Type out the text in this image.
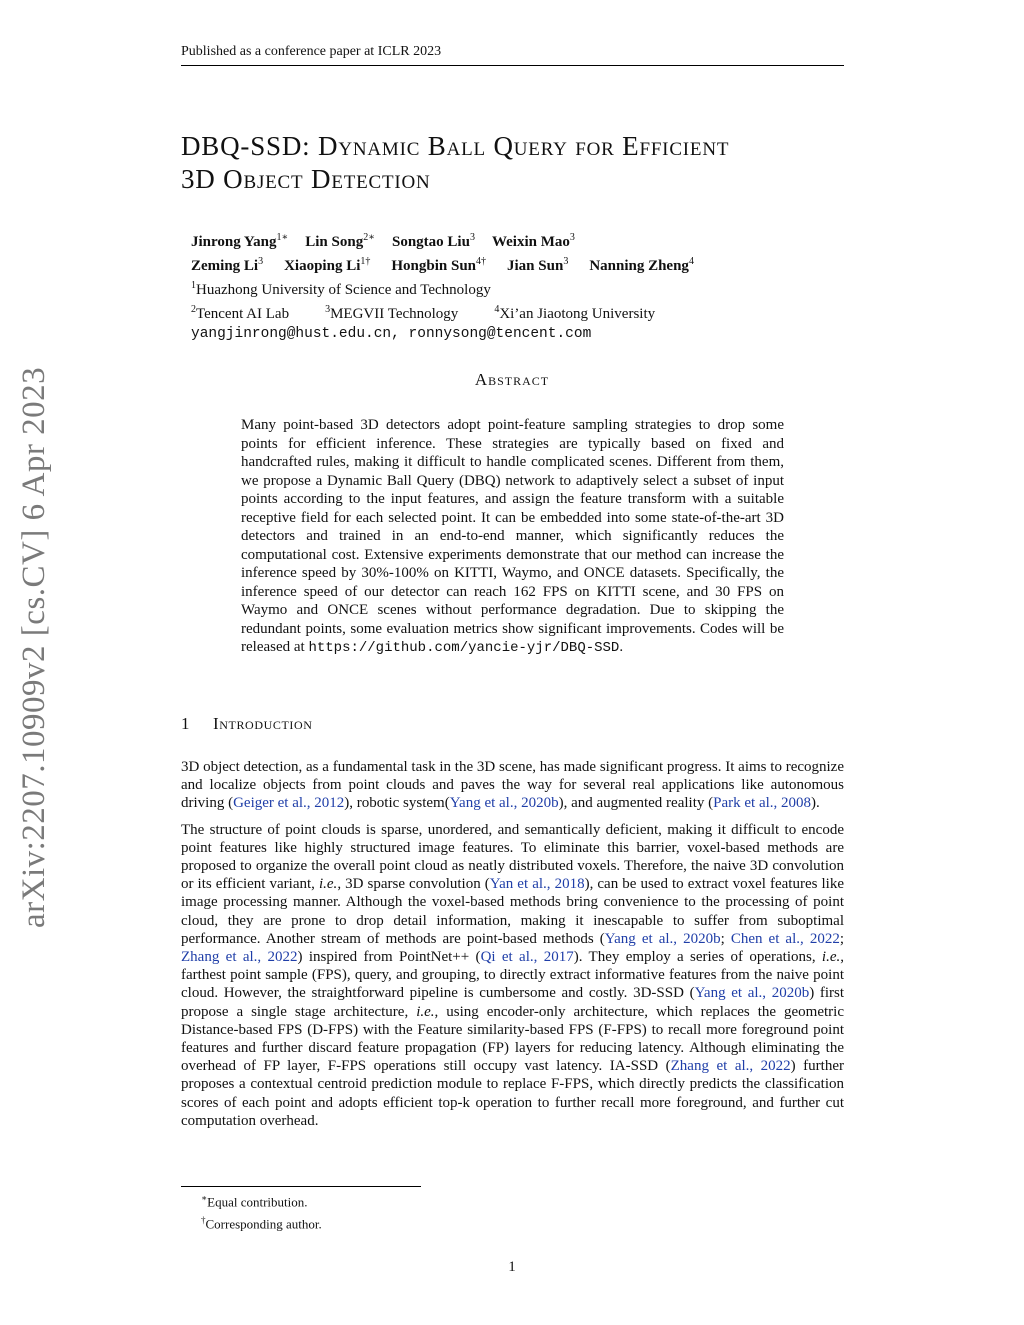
Published as a conference paper at ICLR 2023
arXiv:2207.10909v2 [cs.CV] 6 Apr 2023
DBQ-SSD: Dynamic Ball Query for Efficient
3D Object Detection
Jinrong Yang$^{1∗}$ Lin Song$^{2∗}$ Songtao Liu$^3$ Weixin Mao$^3$
Zeming Li$^3$ Xiaoping $Li^{1\dagger}$ Hongbin Sun$^{4\dagger}$ Jian Sun$^3$ Nanning Zheng$^4$
$^1$Huazhong University of Science and Technology
$^2$Tencent AI Lab	$^3$MEGVII Technology	$^4$Xi’an Jiaotong University
yangjinrong@hust.edu.cn, ronnysong@tencent.com
Abstract
Many point-based 3D detectors adopt point-feature sampling strategies to drop some points for efficient inference. These strategies are typically based on fixed and handcrafted rules, making it difficult to handle complicated scenes. Different from them, we propose a Dynamic Ball Query (DBQ) network to adaptively select a subset of input points according to the input features, and assign the feature transform with a suitable receptive field for each selected point. It can be embedded into some state-of-the-art 3D detectors and trained in an end-to-end manner, which significantly reduces the computational cost. Extensive experiments demonstrate that our method can increase the inference speed by 30%-100% on KITTI, Waymo, and ONCE datasets. Specifically, the inference speed of our detector can reach 162 FPS on KITTI scene, and 30 FPS on Waymo and ONCE scenes without performance degradation. Due to skipping the redundant points, some evaluation metrics show significant improvements. Codes will be released at https://github.com/yancie-yjr/DBQ-SSD.
1 Introduction

3D object detection, as a fundamental task in the 3D scene, has made significant progress. It aims to recognize and localize objects from point clouds and paves the way for several real applications like autonomous driving (Geiger et al., 2012), robotic system(Yang et al., 2020b), and augmented reality (Park et al., 2008).

The structure of point clouds is sparse, unordered, and semantically deficient, making it difficult to encode point features like highly structured image features. To eliminate this barrier, voxel-based methods are proposed to organize the overall point cloud as neatly distributed voxels. Therefore, the naive 3D convolution or its efficient variant, i.e., 3D sparse convolution (Yan et al., 2018), can be used to extract voxel features like image processing manner. Although the voxel-based methods bring convenience to the processing of point cloud, they are prone to drop detail information, making it inescapable to suffer from suboptimal performance. Another stream of methods are point-based methods (Yang et al., 2020b; Chen et al., 2022; Zhang et al., 2022) inspired from PointNet++ (Qi et al., 2017). They employ a series of operations, i.e., farthest point sample (FPS), query, and grouping, to directly extract informative features from the naive point cloud. However, the straightforward pipeline is cumbersome and costly. 3D-SSD (Yang et al., 2020b) first propose a single stage architecture, i.e., using encoder-only architecture, which replaces the geometric Distance-based FPS (D-FPS) with the Feature similarity-based FPS (F-FPS) to recall more foreground point features and further discard feature propagation (FP) layers for reducing latency. Although eliminating the overhead of FP layer, F-FPS operations still occupy vast latency. IA-SSD (Zhang et al., 2022) further proposes a contextual centroid prediction module to replace F-FPS, which directly predicts the classification scores of each point and adopts efficient top-k operation to further recall more foreground, and further cut computation overhead.

∗Equal contribution.
†Corresponding author.
1
